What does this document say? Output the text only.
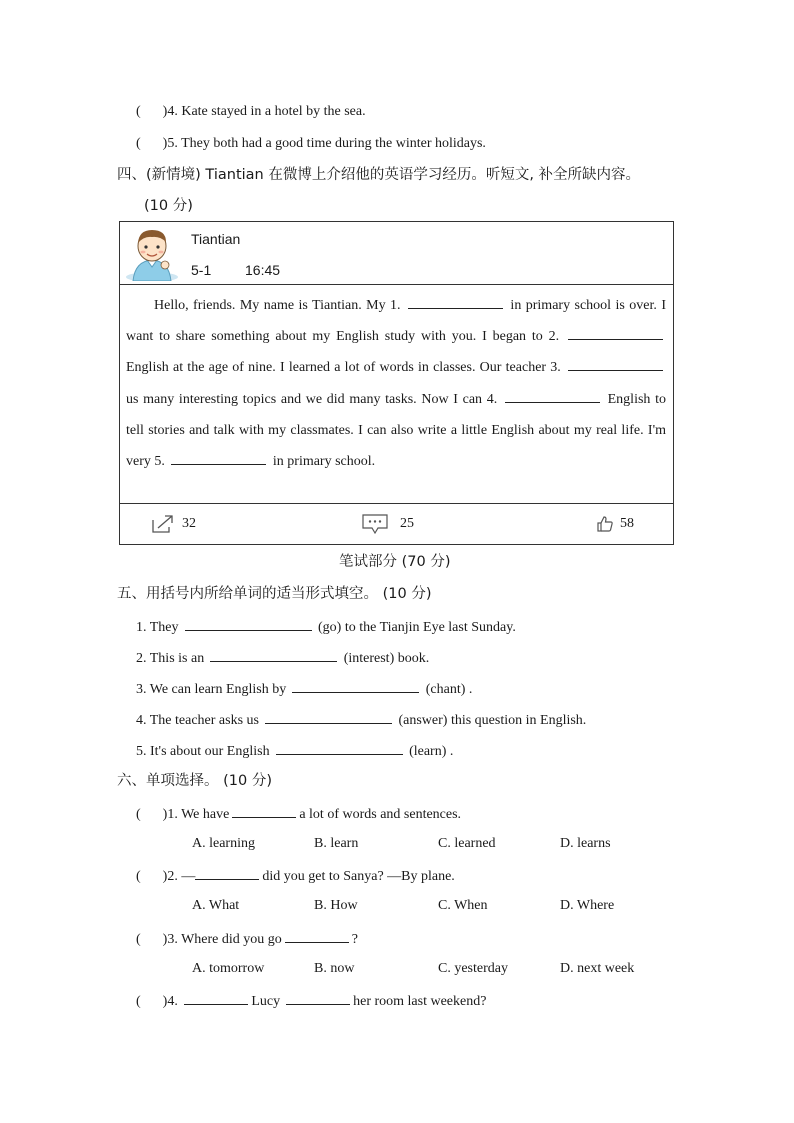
( )4. Kate stayed in a hotel by the sea.
( )5. They both had a good time during the winter holidays.
四、(新情境) Tiantian 在微博上介绍他的英语学习经历。听短文, 补全所缺内容。
(10 分)
Tiantian
5-1 16:45
Hello, friends. My name is Tiantian. My 1.	in primary school is over. I want to share something about my English study with you. I began to 2.  English at the age of nine. I learned a lot of words in classes. Our teacher 3.  us many interesting topics and we did many tasks. Now I can 4.	English to tell stories and talk with my classmates. I can also write a little English about my real life. I'm very 5.	in primary school.
32	25	58
笔试部分 (70 分)
五、用括号内所给单词的适当形式填空。 (10 分)
1. They	(go) to the Tianjin Eye last Sunday.
2. This is an	(interest) book.
3. We can learn English by	(chant) .
4. The teacher asks us	(answer) this question in English.
5. It's about our English	(learn) .
六、单项选择。 (10 分)
( )1. We have	a lot of words and sentences.
A. learning	B. learn	C. learned	D. learns
( )2. —	did you get to Sanya? —By plane.
A. What	B. How	C. When	D. Where
( )3. Where did you go	?
A. tomorrow	B. now	C. yesterday	D. next week
( )4.	Lucy	her room last weekend?
